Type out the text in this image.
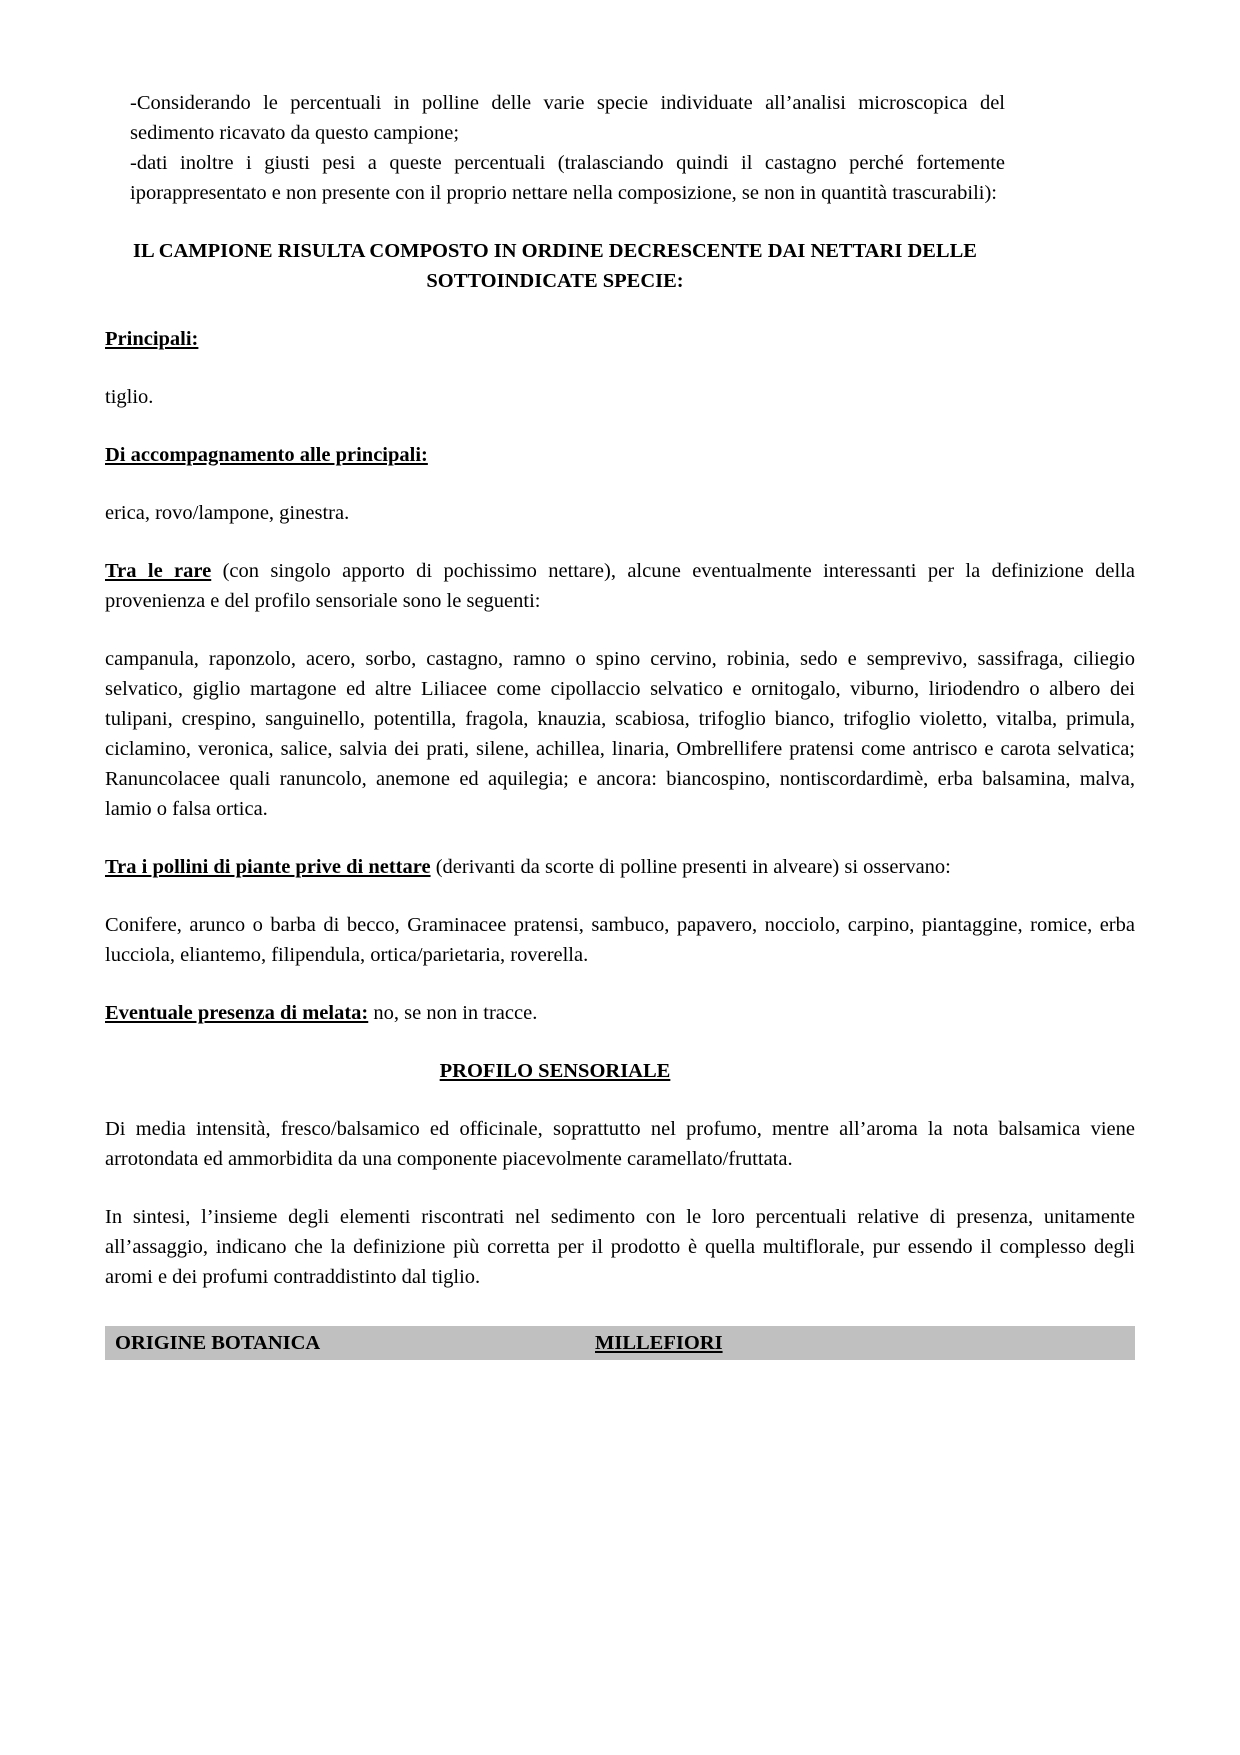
-Considerando le percentuali in polline delle varie specie individuate all’analisi microscopica del sedimento ricavato da questo campione;

-dati inoltre i giusti pesi a queste percentuali (tralasciando quindi il castagno perché fortemente iporappresentato e non presente con il proprio nettare nella composizione, se non in quantità trascurabili):

IL CAMPIONE RISULTA COMPOSTO IN ORDINE DECRESCENTE DAI NETTARI DELLE SOTTOINDICATE SPECIE:

Principali:

tiglio.

Di accompagnamento alle principali:

erica, rovo/lampone, ginestra.

Tra le rare (con singolo apporto di pochissimo nettare), alcune eventualmente interessanti per la definizione della provenienza e del profilo sensoriale sono le seguenti:

campanula, raponzolo, acero, sorbo, castagno, ramno o spino cervino, robinia, sedo e semprevivo, sassifraga, ciliegio selvatico, giglio martagone ed altre Liliacee come cipollaccio selvatico e ornitogalo, viburno, liriodendro o albero dei tulipani, crespino, sanguinello, potentilla, fragola, knauzia, scabiosa, trifoglio bianco, trifoglio violetto, vitalba, primula, ciclamino, veronica, salice, salvia dei prati, silene, achillea, linaria, Ombrellifere pratensi come antrisco e carota selvatica; Ranuncolacee quali ranuncolo, anemone ed aquilegia; e ancora: biancospino, nontiscordardimè, erba balsamina, malva, lamio o falsa ortica.

Tra i pollini di piante prive di nettare (derivanti da scorte di polline presenti in alveare) si osservano:

Conifere, arunco o barba di becco, Graminacee pratensi, sambuco, papavero, nocciolo, carpino, piantaggine, romice, erba lucciola, eliantemo, filipendula, ortica/parietaria, roverella.

Eventuale presenza di melata: no, se non in tracce.

PROFILO SENSORIALE

Di media intensità, fresco/balsamico ed officinale, soprattutto nel profumo, mentre all’aroma la nota balsamica viene arrotondata ed ammorbidita da una componente piacevolmente caramellato/fruttata.

In sintesi, l’insieme degli elementi riscontrati nel sedimento con le loro percentuali relative di presenza, unitamente all’assaggio, indicano che la definizione più corretta per il prodotto è quella multiflorale, pur essendo il complesso degli aromi e dei profumi contraddistinto dal tiglio.

ORIGINE BOTANICA	MILLEFIORI
